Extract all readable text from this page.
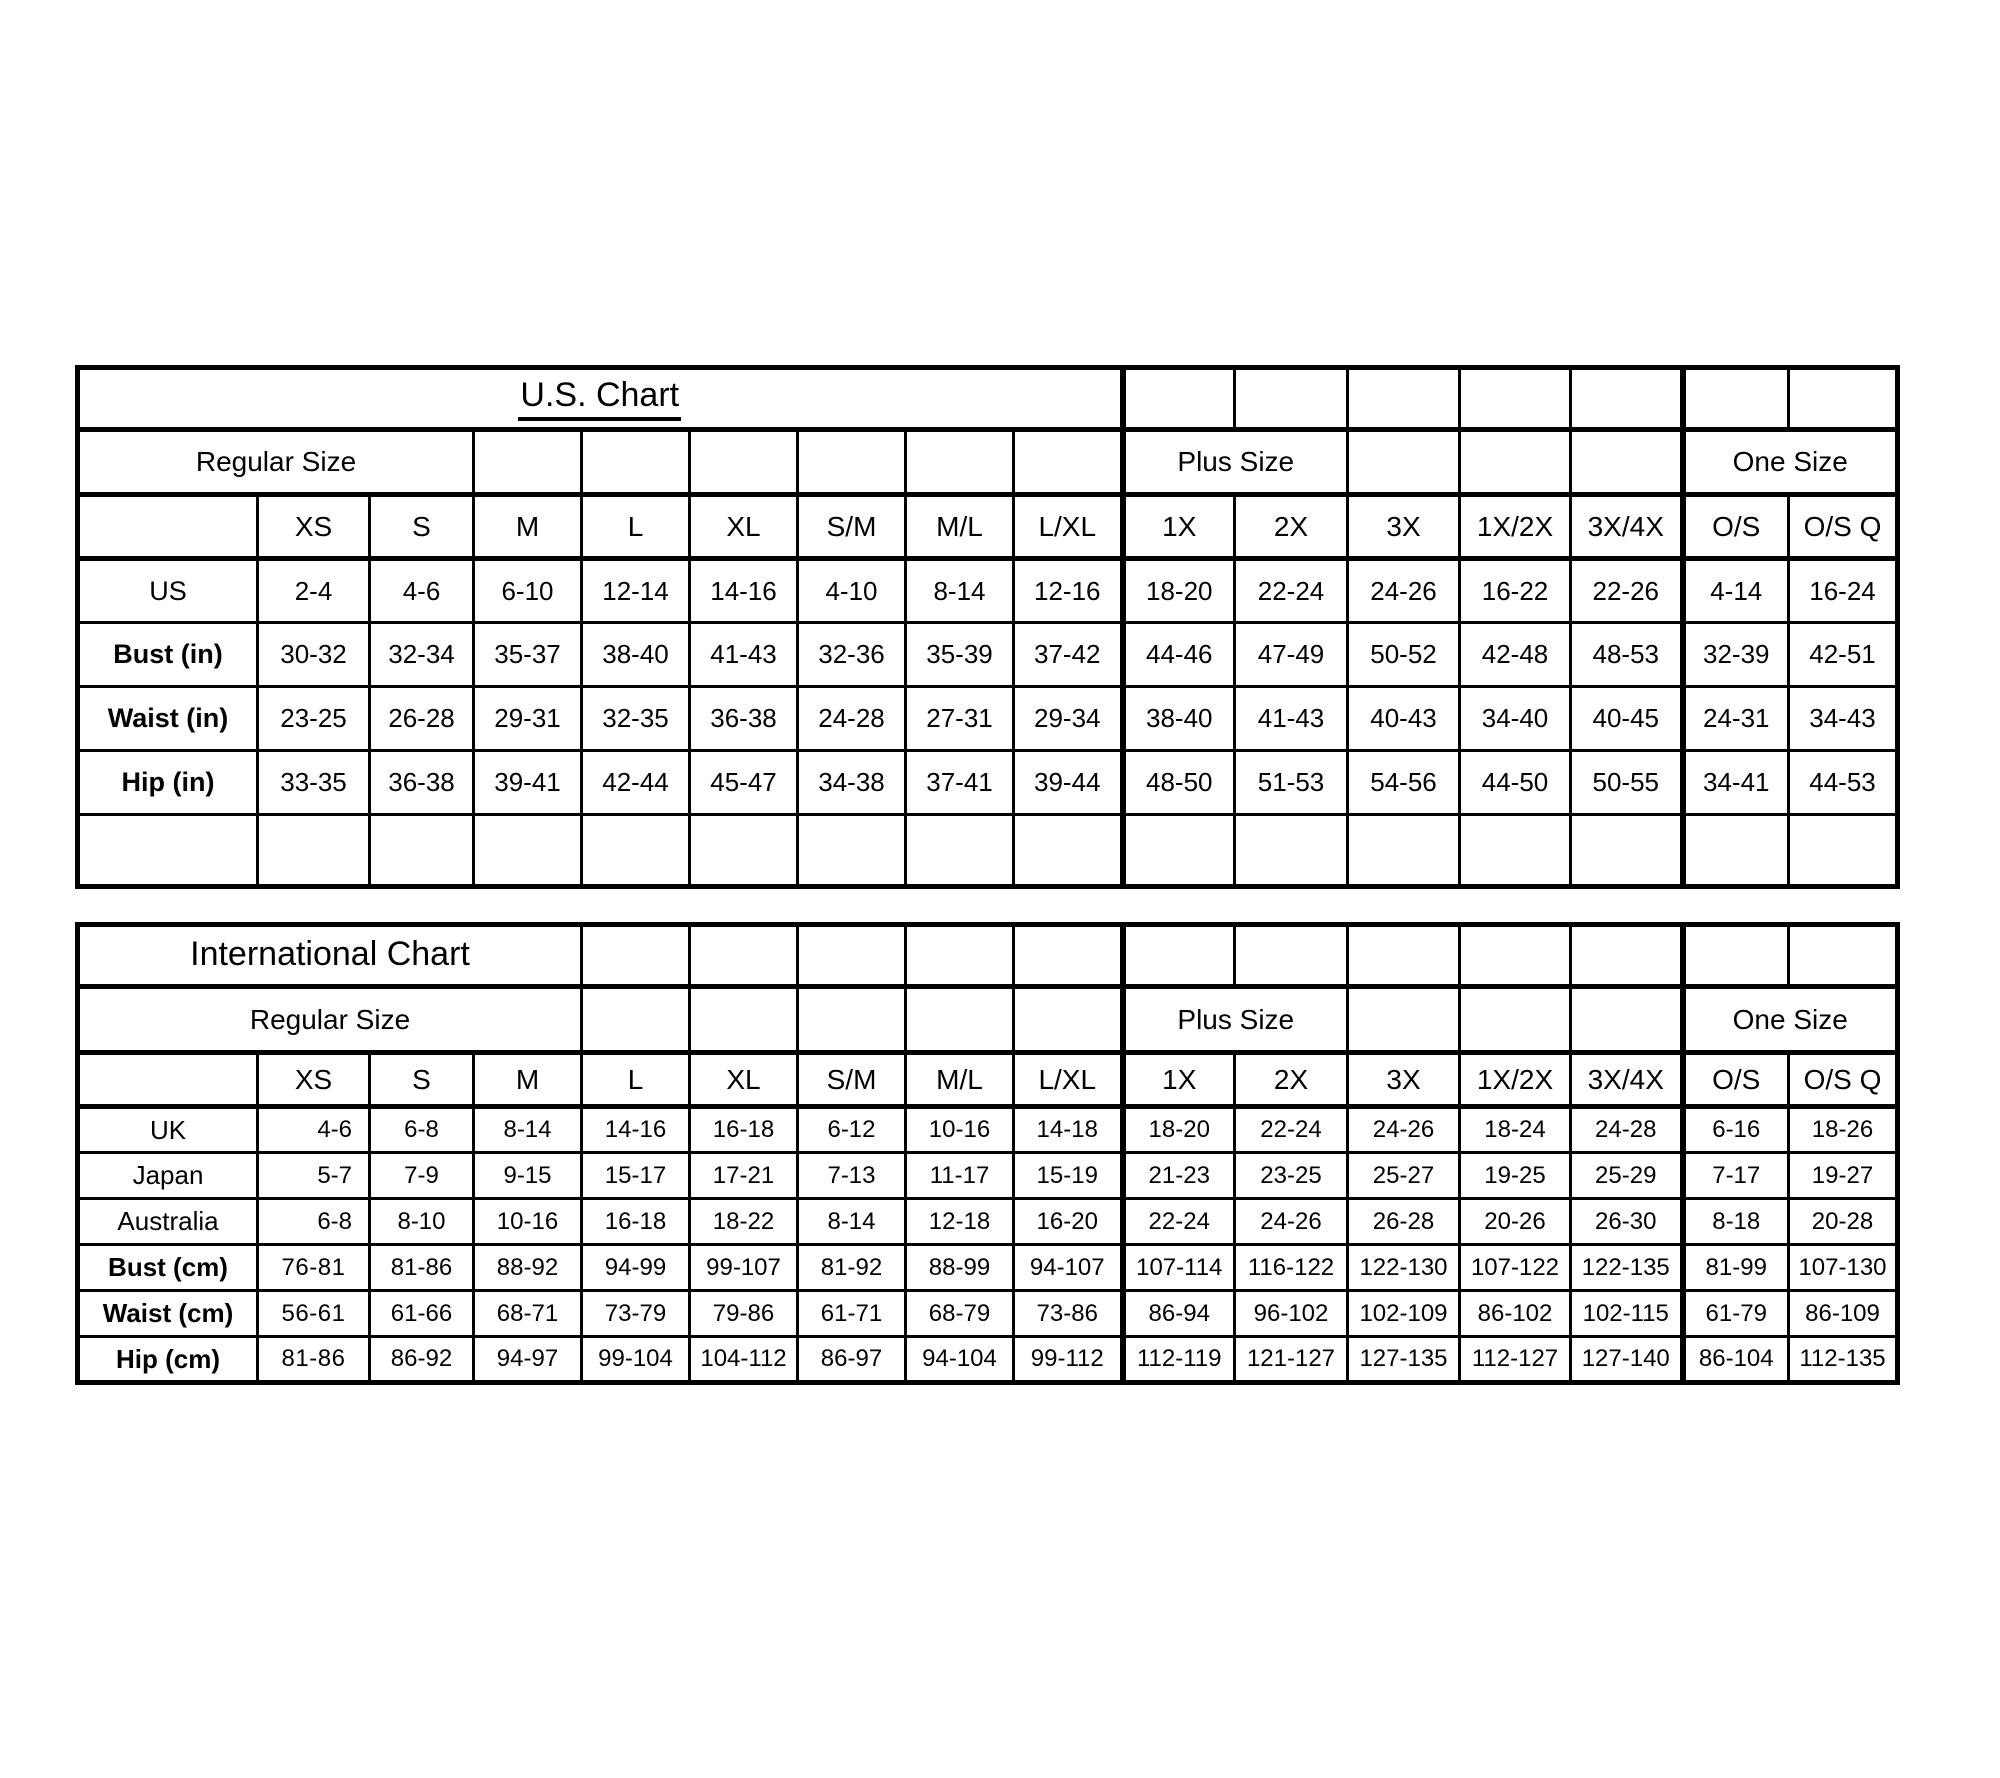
U.S. Chart															
Regular Size									Plus Size					One Size	
	XS	S	M	L	XL	S/M	M/L	L/XL	1X	2X	3X	1X/2X	3X/4X	O/S	O/S Q
US	2-4	4-6	6-10	12-14	14-16	4-10	8-14	12-16	18-20	22-24	24-26	16-22	22-26	4-14	16-24
Bust (in)	30-32	32-34	35-37	38-40	41-43	32-36	35-39	37-42	44-46	47-49	50-52	42-48	48-53	32-39	42-51
Waist (in)	23-25	26-28	29-31	32-35	36-38	24-28	27-31	29-34	38-40	41-43	40-43	34-40	40-45	24-31	34-43
Hip (in)	33-35	36-38	39-41	42-44	45-47	34-38	37-41	39-44	48-50	51-53	54-56	44-50	50-55	34-41	44-53

International Chart															
Regular Size									Plus Size					One Size	
	XS	S	M	L	XL	S/M	M/L	L/XL	1X	2X	3X	1X/2X	3X/4X	O/S	O/S Q
UK	4-6	6-8	8-14	14-16	16-18	6-12	10-16	14-18	18-20	22-24	24-26	18-24	24-28	6-16	18-26
Japan	5-7	7-9	9-15	15-17	17-21	7-13	11-17	15-19	21-23	23-25	25-27	19-25	25-29	7-17	19-27
Australia	6-8	8-10	10-16	16-18	18-22	8-14	12-18	16-20	22-24	24-26	26-28	20-26	26-30	8-18	20-28
Bust (cm)	76-81	81-86	88-92	94-99	99-107	81-92	88-99	94-107	107-114	116-122	122-130	107-122	122-135	81-99	107-130
Waist (cm)	56-61	61-66	68-71	73-79	79-86	61-71	68-79	73-86	86-94	96-102	102-109	86-102	102-115	61-79	86-109
Hip (cm)	81-86	86-92	94-97	99-104	104-112	86-97	94-104	99-112	112-119	121-127	127-135	112-127	127-140	86-104	112-135
